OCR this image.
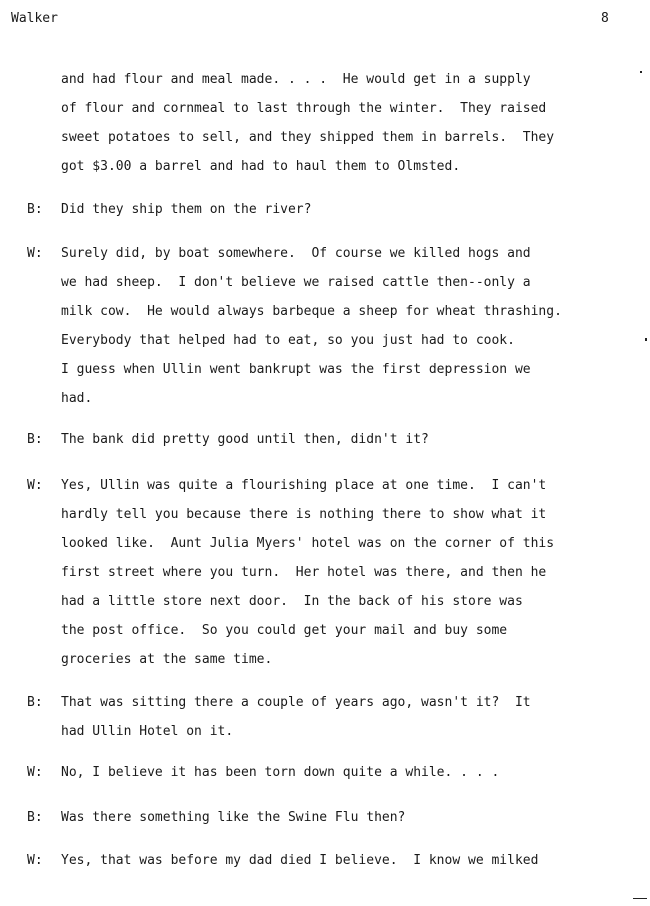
Walker	8
and had flour and meal made. . . .  He would get in a supply
of flour and cornmeal to last through the winter.  They raised
sweet potatoes to sell, and they shipped them in barrels.  They
got $3.00 a barrel and had to haul them to Olmsted.
B: Did they ship them on the river?
W: Surely did, by boat somewhere.  Of course we killed hogs and
we had sheep.  I don't believe we raised cattle then--only a
milk cow.  He would always barbeque a sheep for wheat thrashing.
Everybody that helped had to eat, so you just had to cook.
I guess when Ullin went bankrupt was the first depression we
had.
B: The bank did pretty good until then, didn't it?
W: Yes, Ullin was quite a flourishing place at one time.  I can't
hardly tell you because there is nothing there to show what it
looked like.  Aunt Julia Myers' hotel was on the corner of this
first street where you turn.  Her hotel was there, and then he
had a little store next door.  In the back of his store was
the post office.  So you could get your mail and buy some
groceries at the same time.
B: That was sitting there a couple of years ago, wasn't it?  It
had Ullin Hotel on it.
W: No, I believe it has been torn down quite a while. . . .
B: Was there something like the Swine Flu then?
W: Yes, that was before my dad died I believe.  I know we milked
